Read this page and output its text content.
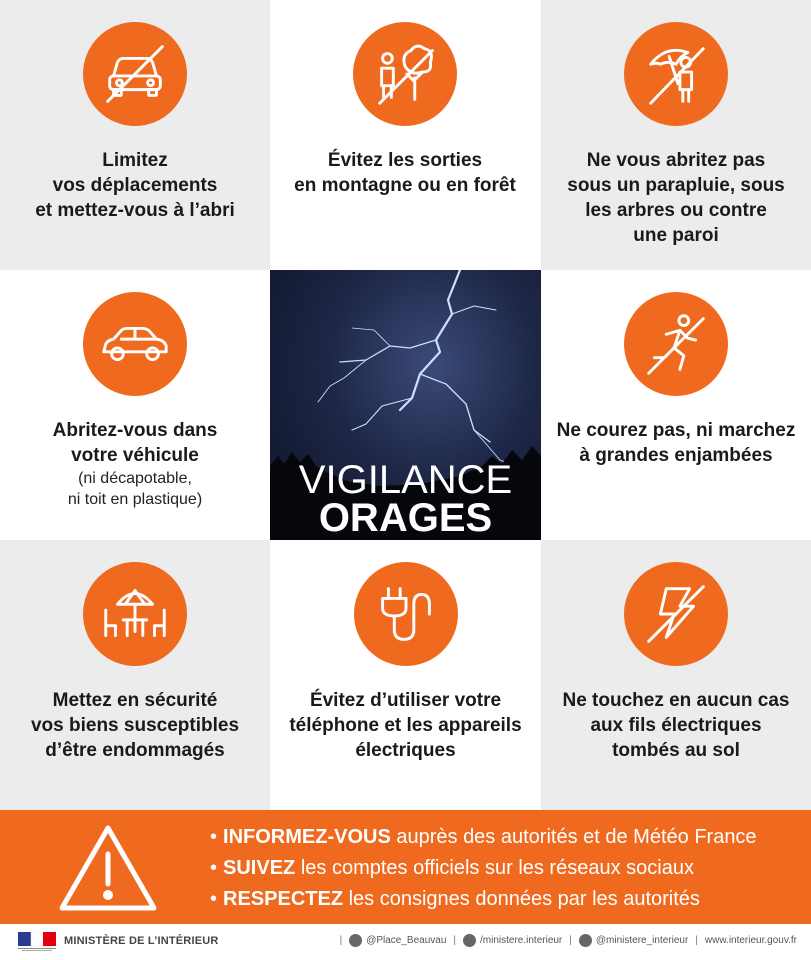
Limitez
vos déplacements
et mettez-vous à l’abri
Évitez les sorties
en montagne ou en forêt
Ne vous abritez pas
sous un parapluie, sous
les arbres ou contre
une paroi
Abritez-vous dans
votre véhicule
(ni décapotable,
ni toit en plastique)	VIGILANCE
ORAGES
Ne courez pas, ni marchez
à grandes enjambées
Mettez en sécurité
vos biens susceptibles
d’être endommagés
Évitez d’utiliser votre
téléphone et les appareils
électriques
Ne touchez en aucun cas
aux fils électriques
tombés au sol
• INFORMEZ-VOUS auprès des autorités et de Météo France
• SUIVEZ les comptes officiels sur les réseaux sociaux
• RESPECTEZ les consignes données par les autorités
MINISTÈRE DE L’INTÉRIEUR	| @Place_Beauvau | /ministere.interieur | @ministere_interieur | www.interieur.gouv.fr
